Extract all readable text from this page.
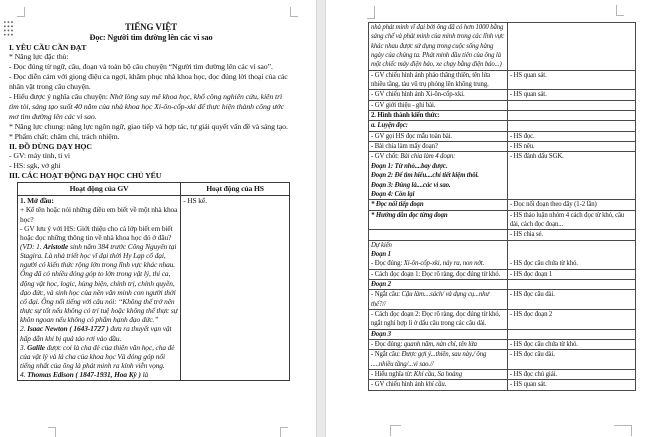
TIẾNG VIỆT
Đọc: Người tìm đường lên các vì sao
I. YÊU CẦU CẦN ĐẠT
* Năng lực đặc thù:
- Đọc đúng từ ngữ, câu, đoạn và toàn bộ câu chuyện “Người tìm đường lên các vì sao”.
- Đọc diễn cảm với giọng điệu ca ngợi, khâm phục nhà khoa học, đọc đúng lời thoại của các nhân vật trong câu chuyện.
- Hiểu được ý nghĩa câu chuyện: Nhờ lòng say mê khoa học, khổ công nghiên cứu, kiên trì tìm tòi, sáng tạo suốt 40 năm của nhà khoa học Xi-ôn-cốp-xki để thực hiện thành công ước mơ tìm đường lên các vì sao.
* Năng lực chung: năng lực ngôn ngữ, giao tiếp và hợp tác, tự giải quyết vấn đề và sáng tạo.
* Phẩm chất: chăm chỉ, trách nhiệm.
II. ĐỒ DÙNG DẠY HỌC
- GV: máy tính, ti vi
- HS: sgk, vở ghi
III. CÁC HOẠT ĐỘNG DẠY HỌC CHỦ YẾU
Hoạt động của GV	Hoạt động của HS

1. Mở đầu:
+ Kể tên hoặc nói những điều em biết về một nhà khoa học?
- GV lưu ý với HS: Giới thiệu cho cả lớp biết em biết hoặc đọc những thông tin về nhà khoa học đó ở đâu?
(VD: 1. Aristotle sinh năm 384 trước Công Nguyên tại Stagira. Là nhà triết học vĩ đại thời Hy Lạp cổ đại, người có kiến thức rộng lớn trong lĩnh vực khác nhau. Ông đã có nhiều đóng góp to lớn trong vật lý, thi ca, động vật học, logic, hùng biện, chính trị, chính quyền, đạo đức, và sinh học của nền văn minh con người thời cổ đại. Ông nổi tiếng với câu nói: “Không thể trở nên thực sự tốt nếu không có trí tuệ hoặc không thể thực sự khôn ngoan nếu không có phẩm hạnh đạo đức.”
2. Isaac Newton ( 1643-1727 ) đưa ra thuyết vạn vật hấp dẫn khi bị quả táo rơi vào đầu.
3. Galile được coi là cha đẻ của thiên văn học, cha đẻ của vật lý và là cha của khoa học Và đóng góp nổi tiếng nhất của ông là phát minh ra kính viễn vọng.
4. Thomas Edison ( 1847-1931, Hoa Kỳ ) là

- HS kể.
nhà phát minh vĩ đại bởi ông đã có hơn 1000 bằng sáng chế và phát minh của mình trong các lĩnh vực khác nhau được sử dụng trong cuộc sống hàng ngày của chúng ta. Phát minh đầu tiên của ông là một chiếc máy điện báo, xe chạy bằng điện báo...)	

- GV chiếu hình ảnh pháo thăng thiên, tên lửa nhiều tầng, tàu vũ trụ phóng lên không trung.	- HS quan sát.

- GV chiếu hình ảnh Xi-ôn-cốp-xki.	- HS quan sát.

- GV giới thiệu - ghi bài.	

2. Hình thành kiến thức:	

a. Luyện đọc:	

- GV gọi HS đọc mẫu toàn bài.	- HS đọc.

- Bài chia làm mấy đoạn?	- HS nêu.

- GV chốt: Bài chia làm 4 đoạn:
Đoạn 1: Từ nhỏ....bay được.
Đoạn 2: Để tìm hiểu....chỉ tiết kiệm thôi.
Đoạn 3: Đúng là....các vì sao.
Đoạn 4: Còn lại	- HS đánh dấu SGK.

* Đọc nối tiếp đoạn	- Đọc nối đoạn theo dãy (1-2 lần)

* Hướng dẫn đọc từng đoạn	- HS thảo luận nhóm 4 cách đọc từ khó, câu dài, cách đọc đoạn...

	- HS chia sẻ.

Dự kiến
Đoạn 1
- Đọc đúng: Xi-ôn-cốp-xki, nảy ra, non nớt.	- HS đọc câu chứa từ khó.

- Cách đọc đoạn 1: Đọc rõ ràng, đọc đúng từ khó.	- HS đọc đoạn 1

Đoạn 2	

- Ngắt câu: Cậu làm....sách/ và dụng cụ...như thế?//	- HS đọc câu dài.

- Cách đọc đoạn 2: Đọc rõ ràng, đọc đúng từ khó, ngắt nghỉ hợp lí ở dấu câu trong các câu dài.	- HS đọc đoạn 2

Đoạn 3	

- Đọc đúng: quanh năm, nản chí, tên lửa	- HS đọc câu chứa từ khó.

- Ngắt câu: Được gợi ý...thiên, sau này,/ ông .....nhiều tầng/...vì sao.//	- HS đọc câu dài.

- Hiểu nghĩa từ: Khí cầu, Sa hoàng	- HS đọc chú giải.

- GV chiếu hình ảnh khí cầu.	- HS quan sát.
